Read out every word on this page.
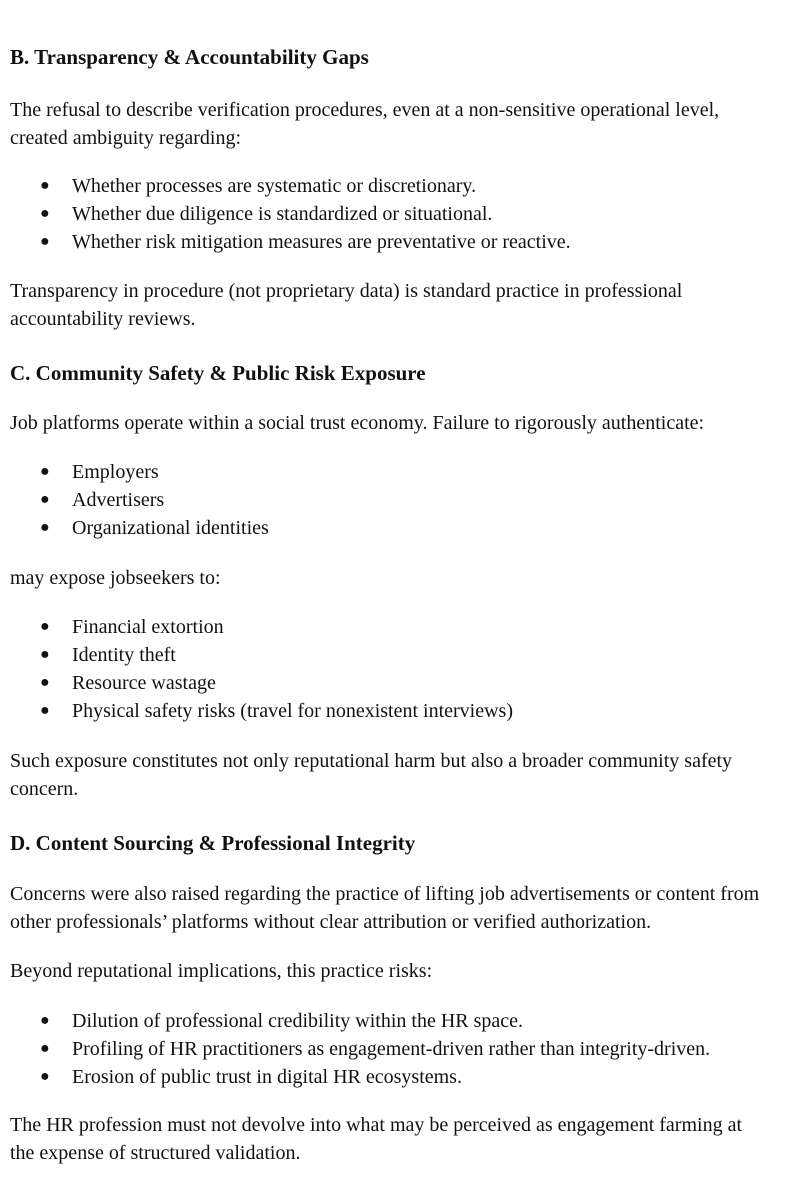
B. Transparency & Accountability Gaps

The refusal to describe verification procedures, even at a non-sensitive operational level,
created ambiguity regarding:

● Whether processes are systematic or discretionary.
● Whether due diligence is standardized or situational.
● Whether risk mitigation measures are preventative or reactive.

Transparency in procedure (not proprietary data) is standard practice in professional
accountability reviews.

C. Community Safety & Public Risk Exposure

Job platforms operate within a social trust economy. Failure to rigorously authenticate:

● Employers
● Advertisers
● Organizational identities

may expose jobseekers to:

● Financial extortion
● Identity theft
● Resource wastage
● Physical safety risks (travel for nonexistent interviews)

Such exposure constitutes not only reputational harm but also a broader community safety
concern.

D. Content Sourcing & Professional Integrity

Concerns were also raised regarding the practice of lifting job advertisements or content from
other professionals’ platforms without clear attribution or verified authorization.

Beyond reputational implications, this practice risks:

● Dilution of professional credibility within the HR space.
● Profiling of HR practitioners as engagement-driven rather than integrity-driven.
● Erosion of public trust in digital HR ecosystems.

The HR profession must not devolve into what may be perceived as engagement farming at
the expense of structured validation.
